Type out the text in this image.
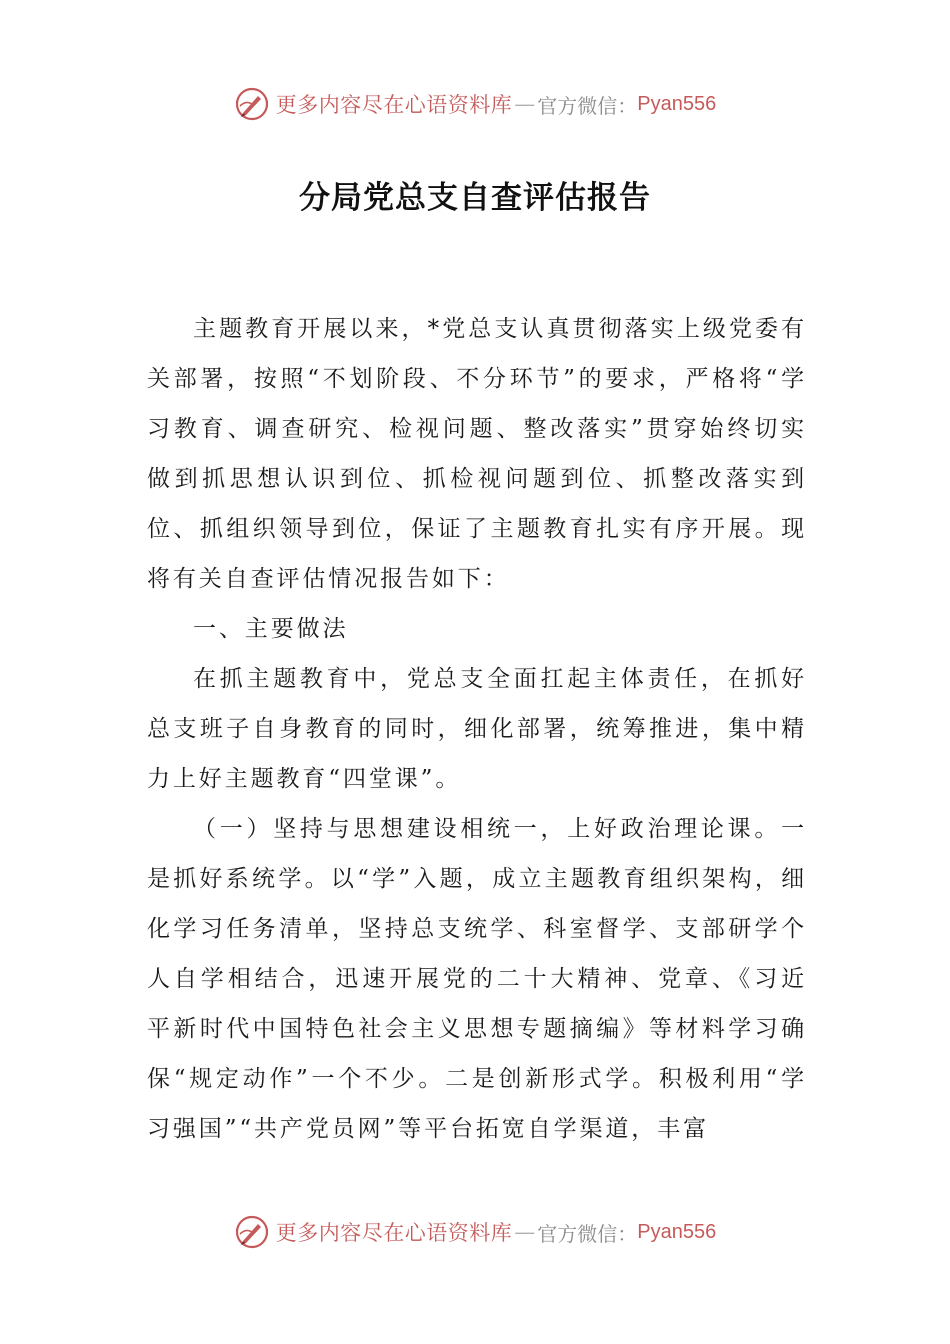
更多内容尽在心语资料库 — 官方微信： Pyan556
分局党总支自查评估报告

主题教育开展以来，*党总支认真贯彻落实上级党委有关部署，按照“不划阶段、不分环节”的要求，严格将“学习教育、调查研究、检视问题、整改落实”贯穿始终切实做到抓思想认识到位、抓检视问题到位、抓整改落实到位、抓组织领导到位，保证了主题教育扎实有序开展。现将有关自查评估情况报告如下：

一、主要做法

在抓主题教育中，党总支全面扛起主体责任，在抓好总支班子自身教育的同时，细化部署，统筹推进，集中精力上好主题教育“四堂课”。

（一）坚持与思想建设相统一，上好政治理论课。一是抓好系统学。以“学”入题，成立主题教育组织架构，细化学习任务清单，坚持总支统学、科室督学、支部研学个人自学相结合，迅速开展党的二十大精神、党章、《习近平新时代中国特色社会主义思想专题摘编》等材料学习确保“规定动作”一个不少。二是创新形式学。积极利用“学习强国”“共产党员网”等平台拓宽自学渠道，丰富

更多内容尽在心语资料库 — 官方微信： Pyan556
